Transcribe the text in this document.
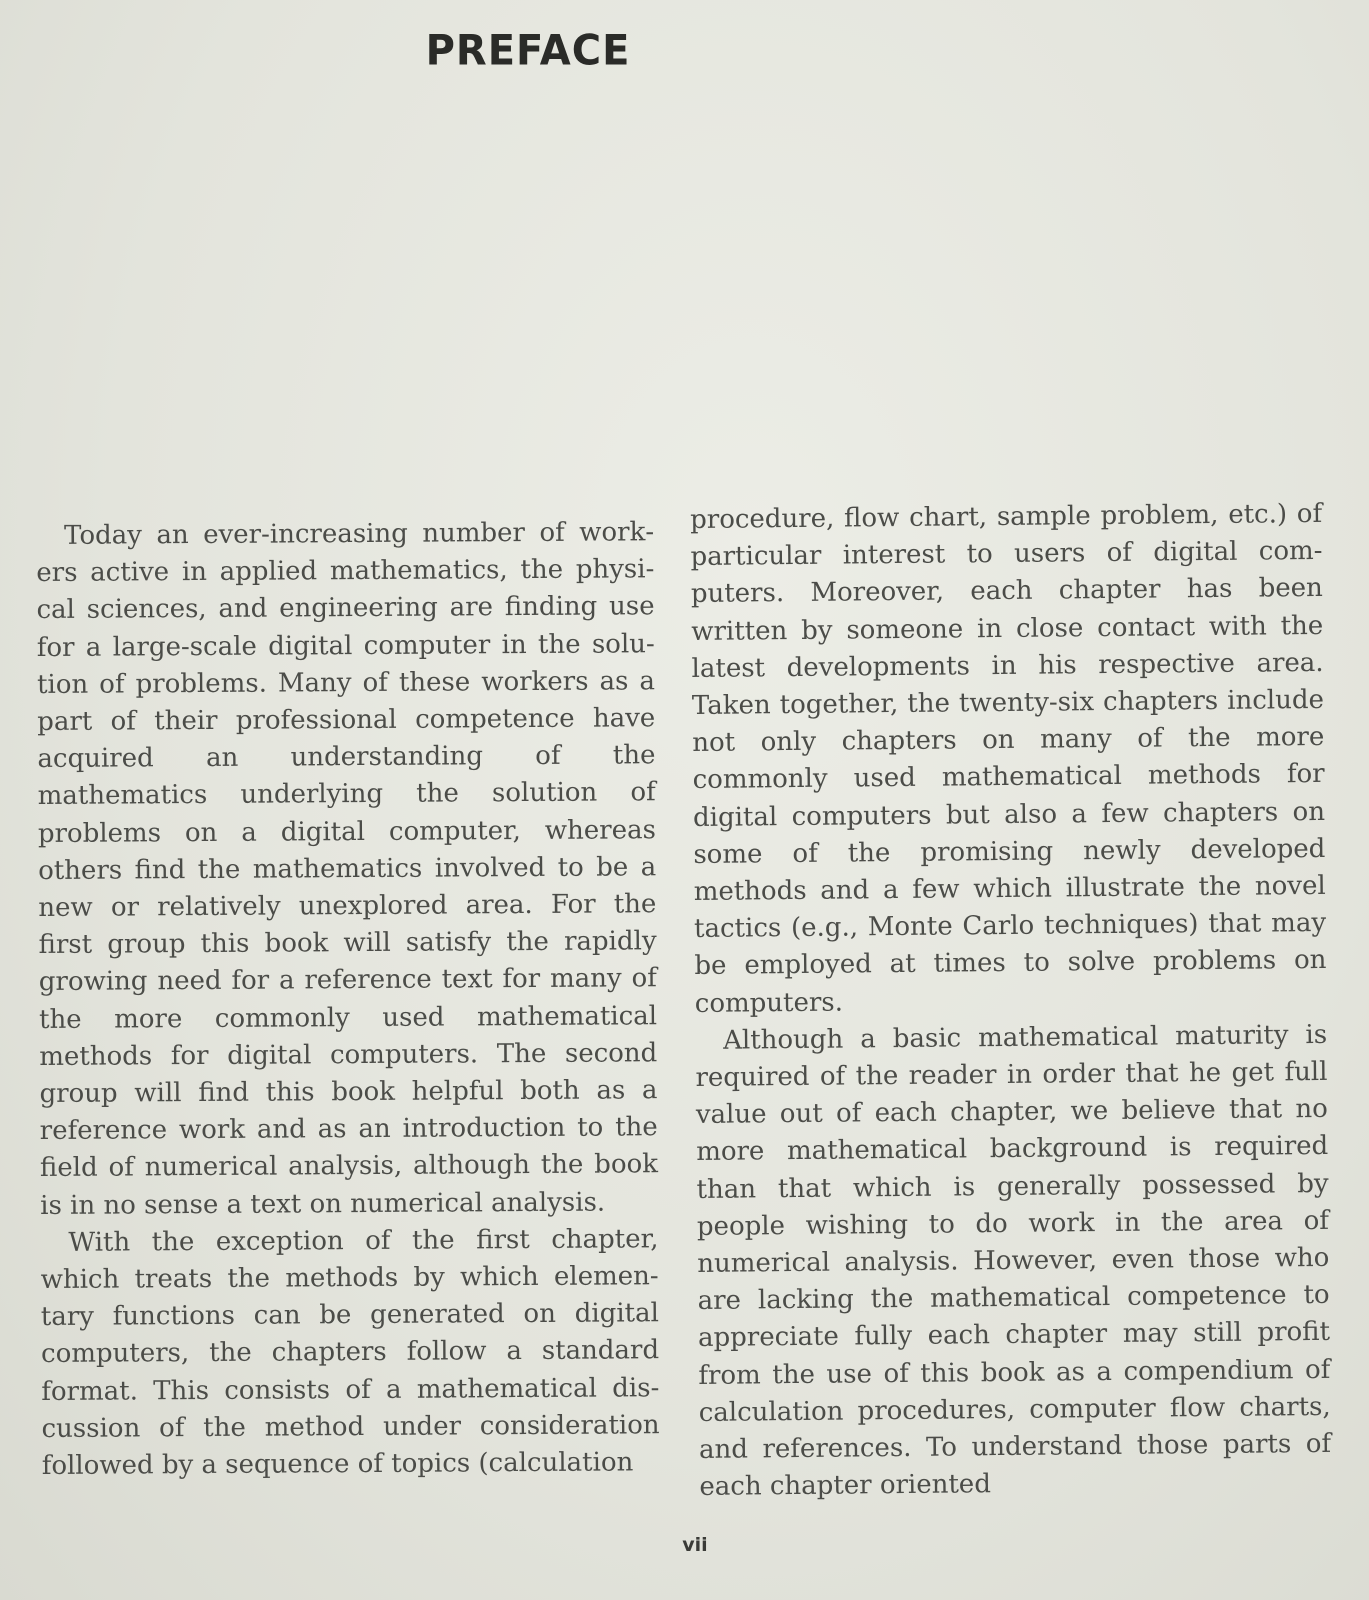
PREFACE

Today an ever-increasing number of workers active in applied mathematics, the physical sciences, and engineering are finding use for a large-scale digital computer in the solution of problems. Many of these workers as a part of their professional competence have acquired an understanding of the mathematics underlying the solution of problems on a digital computer, whereas others find the mathematics involved to be a new or relatively unexplored area. For the first group this book will satisfy the rapidly growing need for a reference text for many of the more commonly used mathematical methods for digital computers. The second group will find this book helpful both as a reference work and as an introduction to the field of numerical analysis, although the book is in no sense a text on numerical analysis.

With the exception of the first chapter, which treats the methods by which elementary functions can be generated on digital computers, the chapters follow a standard format. This consists of a mathematical discussion of the method under consideration followed by a sequence of topics (calculation

procedure, flow chart, sample problem, etc.) of particular interest to users of digital computers. Moreover, each chapter has been written by someone in close contact with the latest developments in his respective area. Taken together, the twenty-six chapters include not only chapters on many of the more commonly used mathematical methods for digital computers but also a few chapters on some of the promising newly developed methods and a few which illustrate the novel tactics (e.g., Monte Carlo techniques) that may be employed at times to solve problems on computers.

Although a basic mathematical maturity is required of the reader in order that he get full value out of each chapter, we believe that no more mathematical background is required than that which is generally possessed by people wishing to do work in the area of numerical analysis. However, even those who are lacking the mathematical competence to appreciate fully each chapter may still profit from the use of this book as a compendium of calculation procedures, computer flow charts, and references. To understand those parts of each chapter oriented

vii
